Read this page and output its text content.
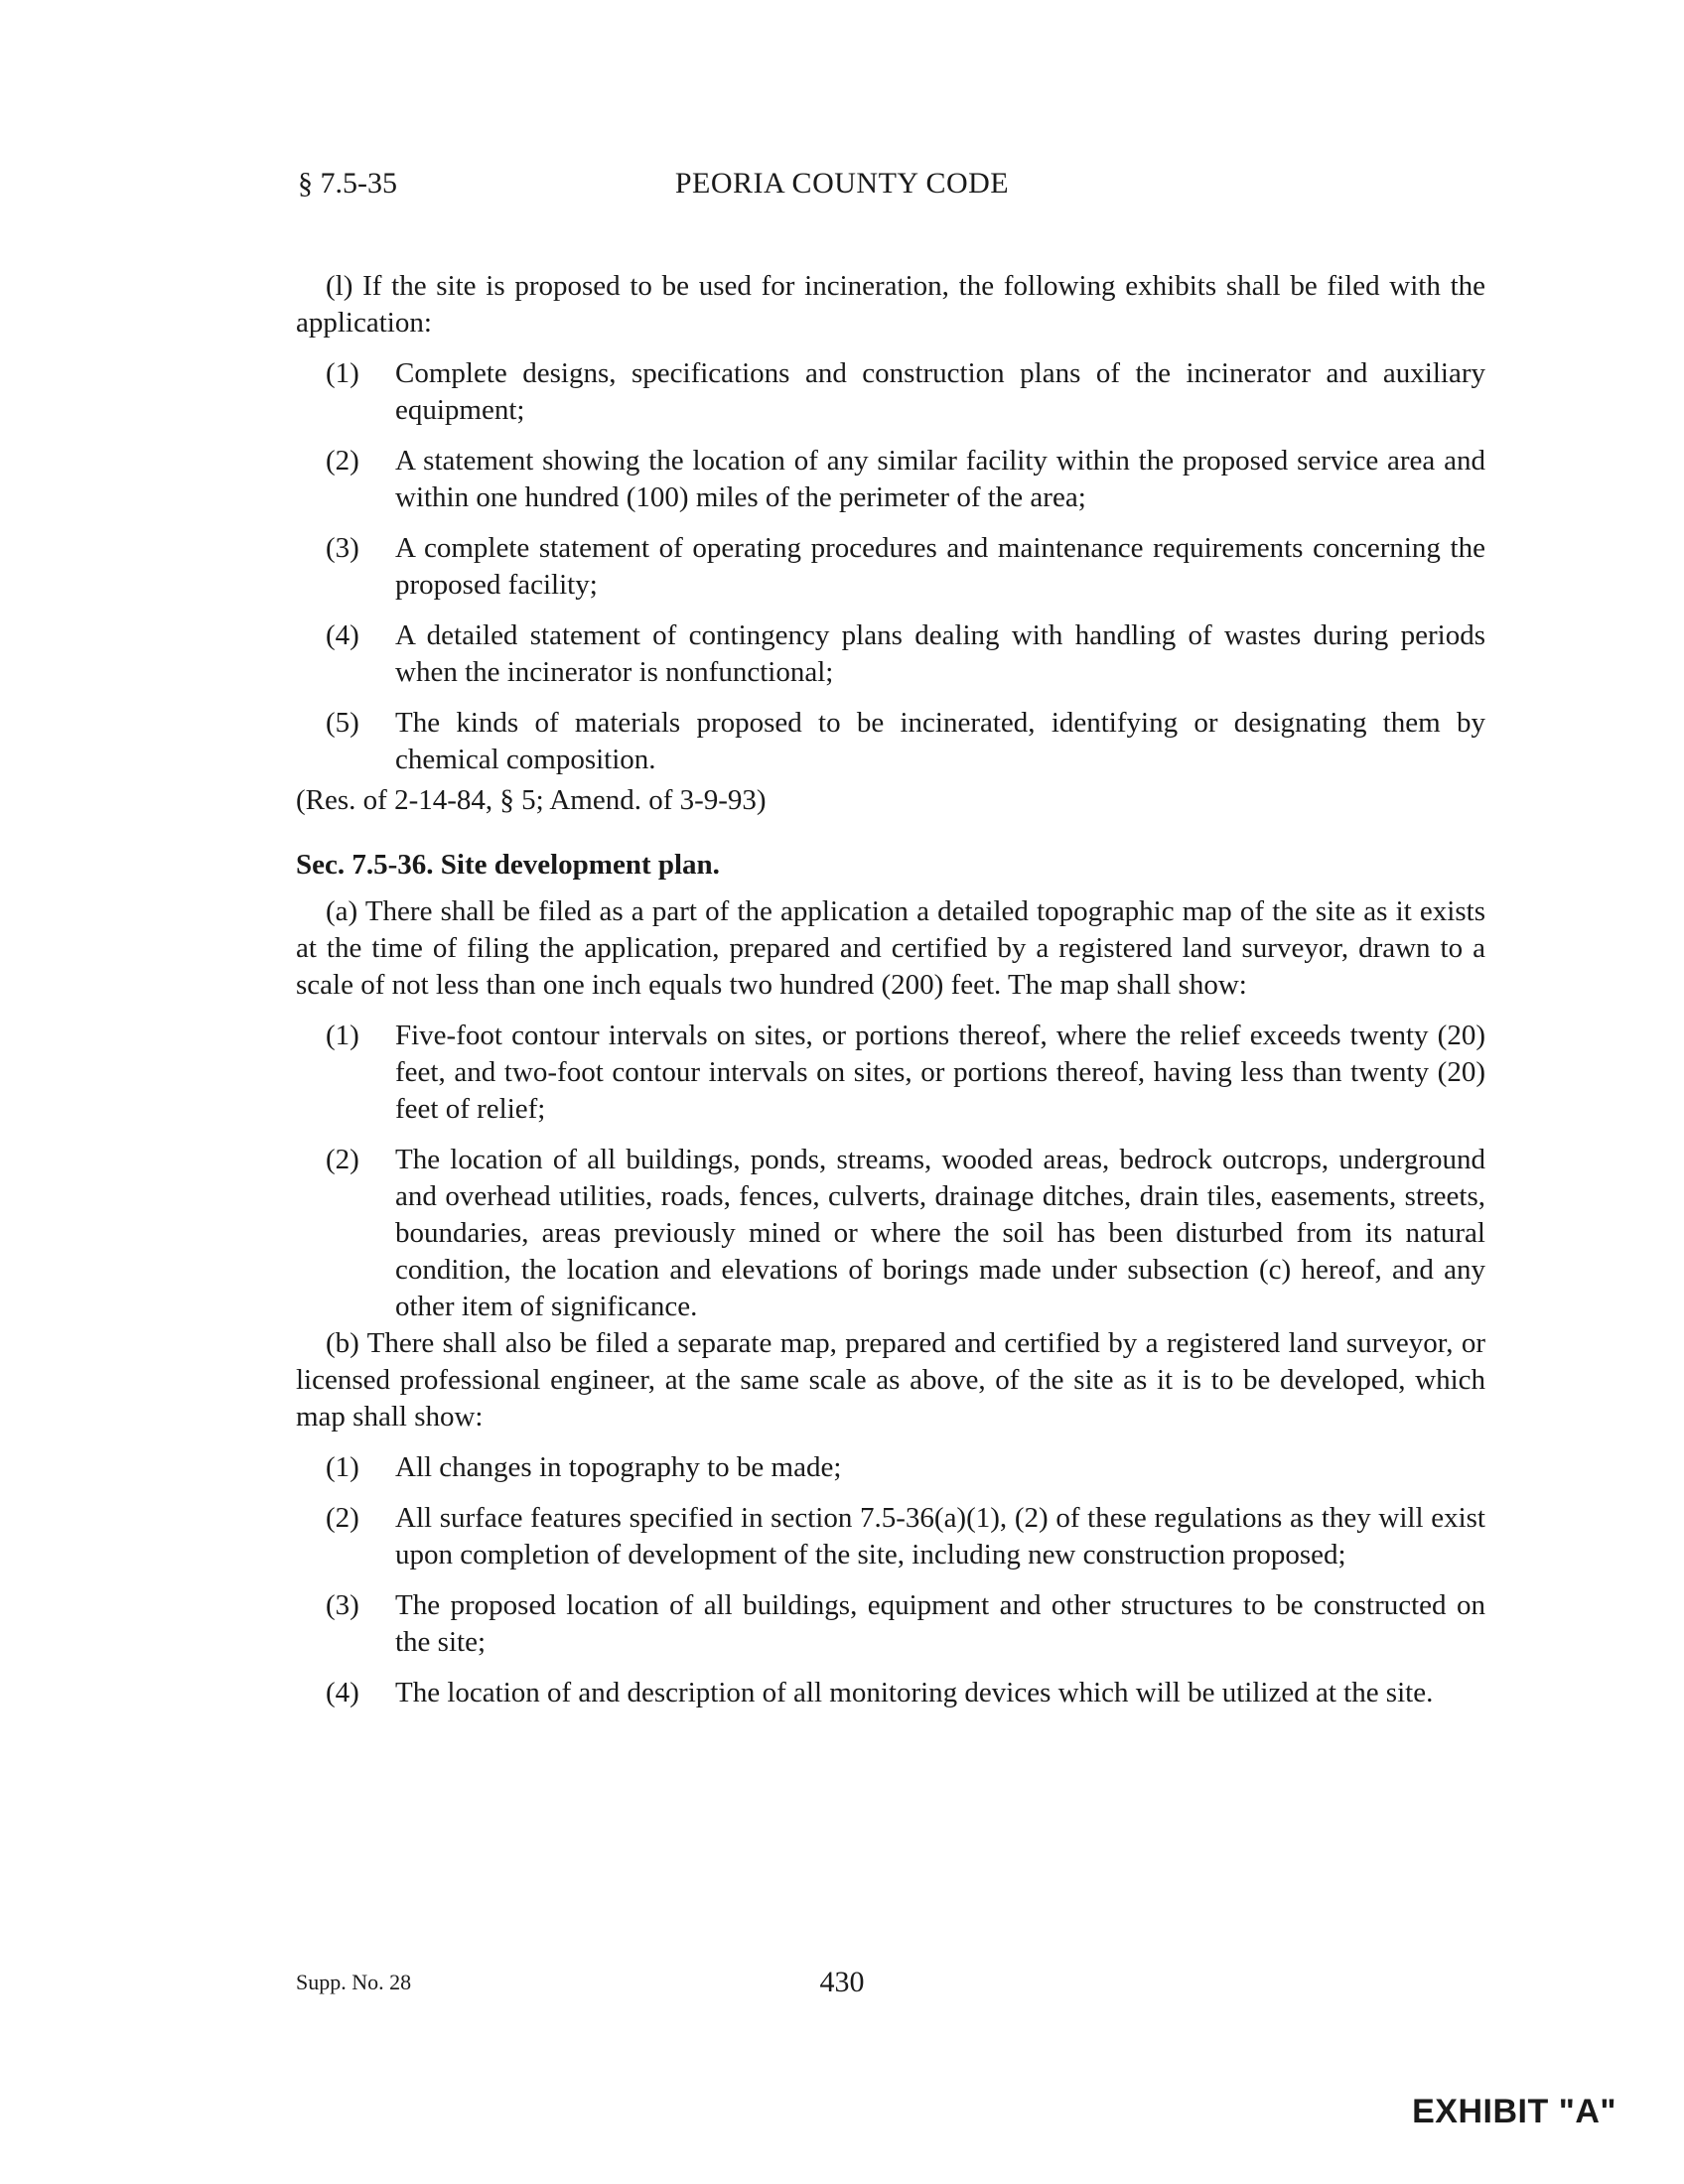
§ 7.5-35	PEORIA COUNTY CODE

(l) If the site is proposed to be used for incineration, the following exhibits shall be filed with the application:

(1) Complete designs, specifications and construction plans of the incinerator and auxiliary equipment;
(2) A statement showing the location of any similar facility within the proposed service area and within one hundred (100) miles of the perimeter of the area;
(3) A complete statement of operating procedures and maintenance requirements concerning the proposed facility;
(4) A detailed statement of contingency plans dealing with handling of wastes during periods when the incinerator is nonfunctional;
(5) The kinds of materials proposed to be incinerated, identifying or designating them by chemical composition.

(Res. of 2-14-84, § 5; Amend. of 3-9-93)

Sec. 7.5-36. Site development plan.

(a) There shall be filed as a part of the application a detailed topographic map of the site as it exists at the time of filing the application, prepared and certified by a registered land surveyor, drawn to a scale of not less than one inch equals two hundred (200) feet. The map shall show:

(1) Five-foot contour intervals on sites, or portions thereof, where the relief exceeds twenty (20) feet, and two-foot contour intervals on sites, or portions thereof, having less than twenty (20) feet of relief;
(2) The location of all buildings, ponds, streams, wooded areas, bedrock outcrops, underground and overhead utilities, roads, fences, culverts, drainage ditches, drain tiles, easements, streets, boundaries, areas previously mined or where the soil has been disturbed from its natural condition, the location and elevations of borings made under subsection (c) hereof, and any other item of significance.

(b) There shall also be filed a separate map, prepared and certified by a registered land surveyor, or licensed professional engineer, at the same scale as above, of the site as it is to be developed, which map shall show:

(1) All changes in topography to be made;
(2) All surface features specified in section 7.5-36(a)(1), (2) of these regulations as they will exist upon completion of development of the site, including new construction proposed;
(3) The proposed location of all buildings, equipment and other structures to be constructed on the site;
(4) The location of and description of all monitoring devices which will be utilized at the site.
Supp. No. 28	430
EXHIBIT "A"
